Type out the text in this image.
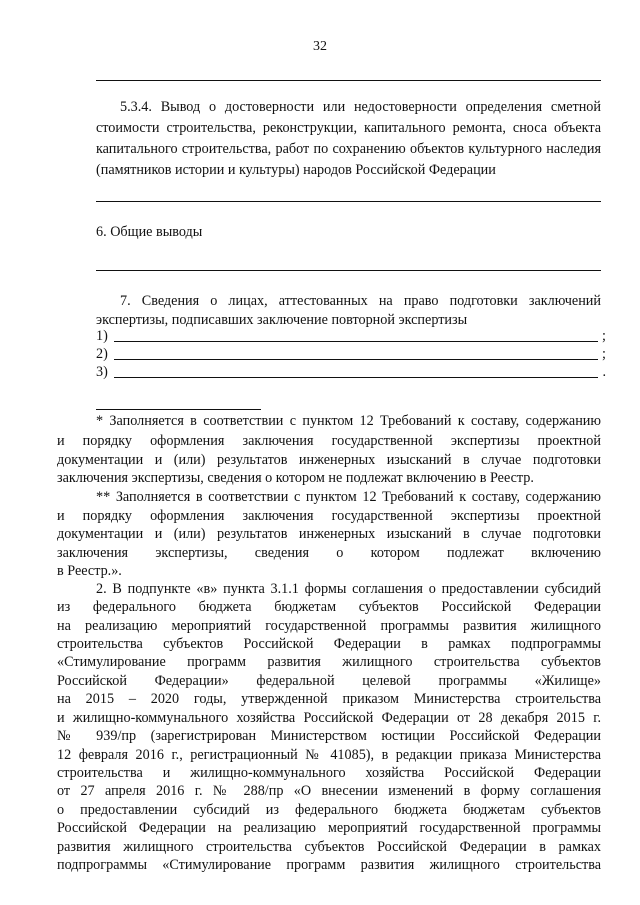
32
5.3.4. Вывод о достоверности или недостоверности определения сметной
стоимости строительства, реконструкции, капитального ремонта, сноса объекта
капитального строительства, работ по сохранению объектов культурного наследия
(памятников истории и культуры) народов Российской Федерации
6. Общие выводы
7. Сведения о лицах, аттестованных на право подготовки заключений
экспертизы, подписавших заключение повторной экспертизы
1)	;
2)	;
3)	.
* Заполняется в соответствии с пунктом 12 Требований к составу, содержанию
и порядку оформления заключения государственной экспертизы проектной
документации и (или) результатов инженерных изысканий в случае подготовки
заключения экспертизы, сведения о котором не подлежат включению в Реестр.
** Заполняется в соответствии с пунктом 12 Требований к составу, содержанию
и порядку оформления заключения государственной экспертизы проектной
документации и (или) результатов инженерных изысканий в случае подготовки
заключения экспертизы, сведения о котором подлежат включению
в Реестр.».
2. В подпункте «в» пункта 3.1.1 формы соглашения о предоставлении субсидий
из федерального бюджета бюджетам субъектов Российской Федерации
на реализацию мероприятий государственной программы развития жилищного
строительства субъектов Российской Федерации в рамках подпрограммы
«Стимулирование программ развития жилищного строительства субъектов
Российской Федерации» федеральной целевой программы «Жилище»
на 2015 – 2020 годы, утвержденной приказом Министерства строительства
и жилищно-коммунального хозяйства Российской Федерации от 28 декабря 2015 г.
№ 939/пр (зарегистрирован Министерством юстиции Российской Федерации
12 февраля 2016 г., регистрационный № 41085), в редакции приказа Министерства
строительства и жилищно-коммунального хозяйства Российской Федерации
от 27 апреля 2016 г. № 288/пр «О внесении изменений в форму соглашения
о предоставлении субсидий из федерального бюджета бюджетам субъектов
Российской Федерации на реализацию мероприятий государственной программы
развития жилищного строительства субъектов Российской Федерации в рамках
подпрограммы «Стимулирование программ развития жилищного строительства
